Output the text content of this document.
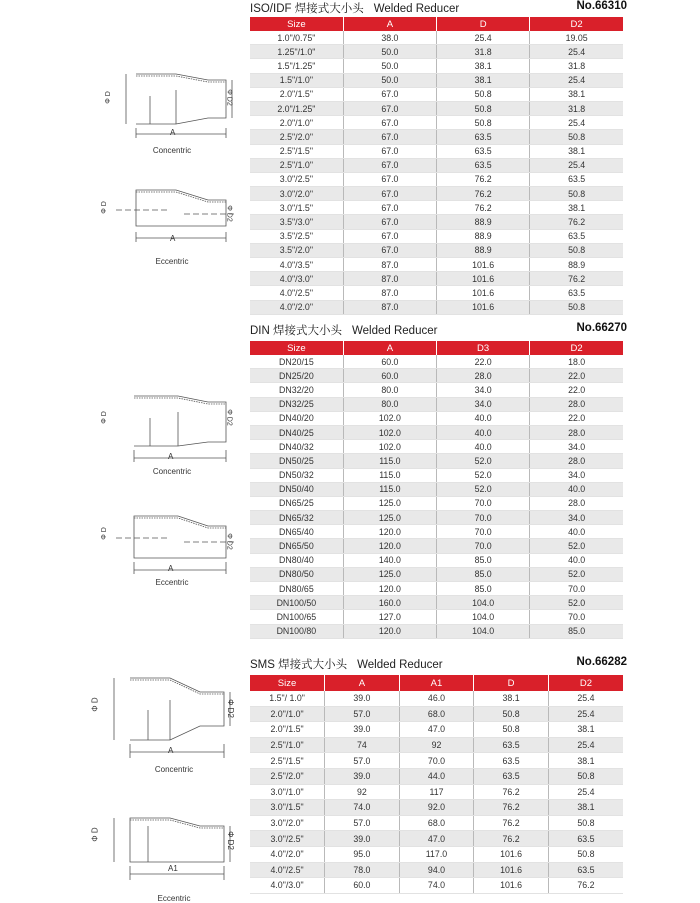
ISO/IDF 焊接式大小头 Welded Reducer	No.66310
Size	A	D	D2
1.0"/0.75"	38.0	25.4	19.05
1.25"/1.0"	50.0	31.8	25.4
1.5"/1.25"	50.0	38.1	31.8
1.5"/1.0"	50.0	38.1	25.4
2.0"/1.5"	67.0	50.8	38.1
2.0"/1.25"	67.0	50.8	31.8
2.0"/1.0"	67.0	50.8	25.4
2.5"/2.0"	67.0	63.5	50.8
2.5"/1.5"	67.0	63.5	38.1
2.5"/1.0"	67.0	63.5	25.4
3.0"/2.5"	67.0	76.2	63.5
3.0"/2.0"	67.0	76.2	50.8
3.0"/1.5"	67.0	76.2	38.1
3.5"/3.0"	67.0	88.9	76.2
3.5"/2.5"	67.0	88.9	63.5
3.5"/2.0"	67.0	88.9	50.8
4.0"/3.5"	87.0	101.6	88.9
4.0"/3.0"	87.0	101.6	76.2
4.0"/2.5"	87.0	101.6	63.5
4.0"/2.0"	87.0	101.6	50.8
Φ D	Φ D2
A
Concentric
Φ D	Φ D2
A
Eccentric
DIN 焊接式大小头 Welded Reducer	No.66270
Size	A	D3	D2
DN20/15	60.0	22.0	18.0
DN25/20	60.0	28.0	22.0
DN32/20	80.0	34.0	22.0
DN32/25	80.0	34.0	28.0
DN40/20	102.0	40.0	22.0
DN40/25	102.0	40.0	28.0
DN40/32	102.0	40.0	34.0
DN50/25	115.0	52.0	28.0
DN50/32	115.0	52.0	34.0
DN50/40	115.0	52.0	40.0
DN65/25	125.0	70.0	28.0
DN65/32	125.0	70.0	34.0
DN65/40	120.0	70.0	40.0
DN65/50	120.0	70.0	52.0
DN80/40	140.0	85.0	40.0
DN80/50	125.0	85.0	52.0
DN80/65	120.0	85.0	70.0
DN100/50	160.0	104.0	52.0
DN100/65	127.0	104.0	70.0
DN100/80	120.0	104.0	85.0
Φ D	Φ D2
A
Concentric
Φ D	Φ D2
A
Eccentric
SMS 焊接式大小头 Welded Reducer	No.66282
Size	A	A1	D	D2
1.5"/ 1.0"	39.0	46.0	38.1	25.4
2.0"/1.0"	57.0	68.0	50.8	25.4
2.0"/1.5"	39.0	47.0	50.8	38.1
2.5"/1.0"	74	92	63.5	25.4
2.5"/1.5"	57.0	70.0	63.5	38.1
2.5"/2.0"	39.0	44.0	63.5	50.8
3.0"/1.0"	92	117	76.2	25.4
3.0"/1.5"	74.0	92.0	76.2	38.1
3.0"/2.0"	57.0	68.0	76.2	50.8
3.0"/2.5"	39.0	47.0	76.2	63.5
4.0"/2.0"	95.0	117.0	101.6	50.8
4.0"/2.5"	78.0	94.0	101.6	63.5
4.0"/3.0"	60.0	74.0	101.6	76.2
Φ D	Φ D2
A
Concentric
Φ D	Φ D2
A1
Eccentric
